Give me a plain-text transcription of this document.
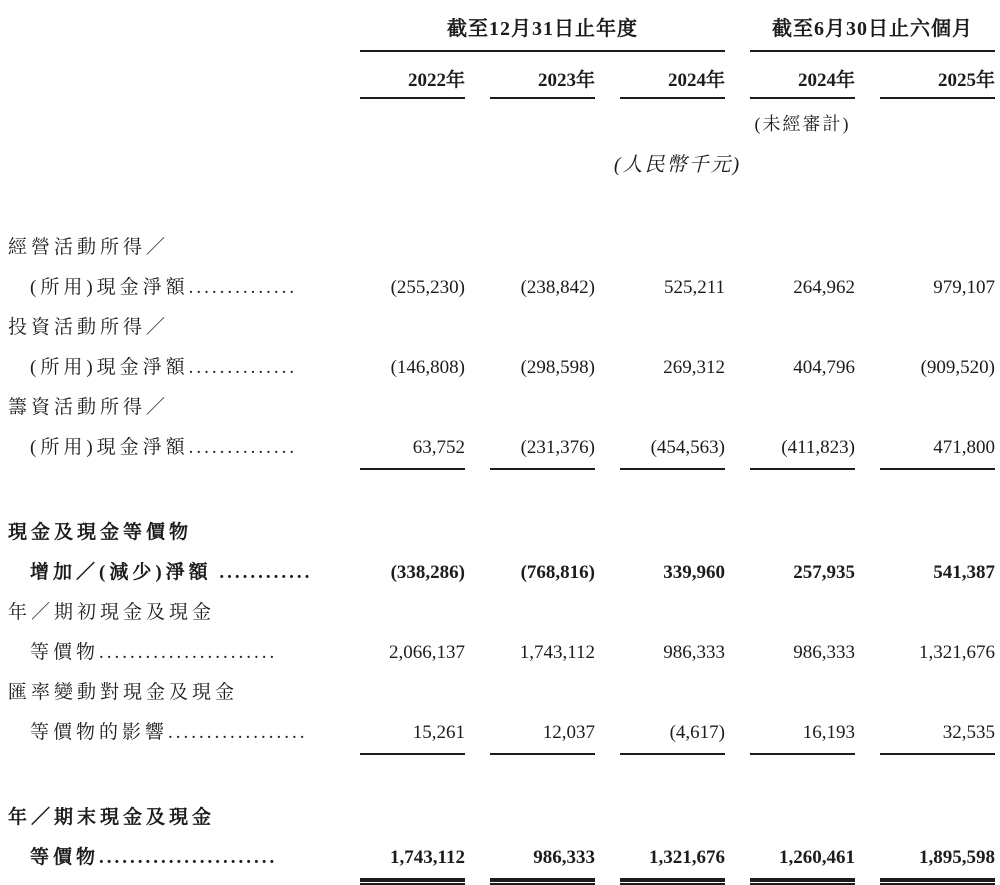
截至12月31日止年度	截至6月30日止六個月
2022年	2023年	2024年	2024年	2025年
(未經審計)
(人民幣千元)
經營活動所得／
(所用)現金淨額..............	(255,230)	(238,842)	525,211	264,962	979,107
投資活動所得／
(所用)現金淨額..............	(146,808)	(298,598)	269,312	404,796	(909,520)
籌資活動所得／
(所用)現金淨額..............	63,752	(231,376)	(454,563)	(411,823)	471,800
現金及現金等價物
增加／(減少)淨額 ............	(338,286)	(768,816)	339,960	257,935	541,387
年／期初現金及現金
等價物.......................	2,066,137	1,743,112	986,333	986,333	1,321,676
匯率變動對現金及現金
等價物的影響..................	15,261	12,037	(4,617)	16,193	32,535
年／期末現金及現金
等價物.......................	1,743,112	986,333	1,321,676	1,260,461	1,895,598
